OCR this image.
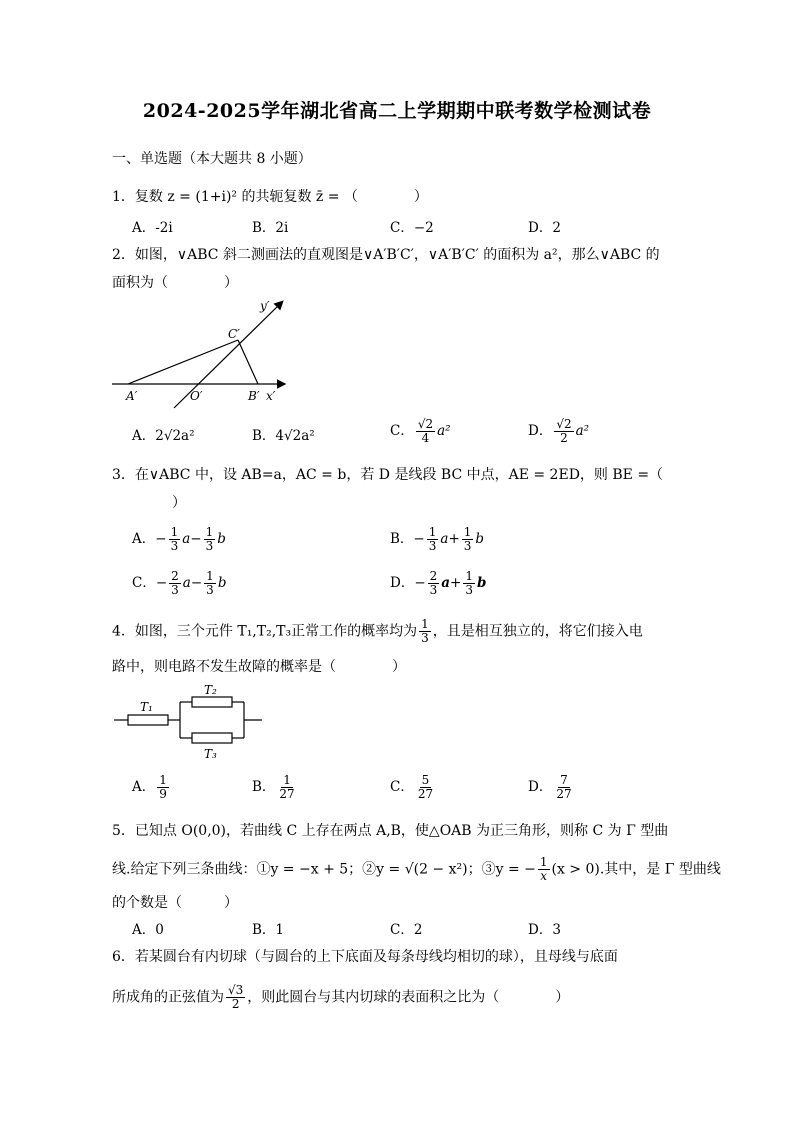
2024-2025学年湖北省高二上学期期中联考数学检测试卷
一、单选题（本大题共 8 小题）
1．复数 z = (1+i)² 的共轭复数 z̄ = （　　　　）
A．-2i	B．2i	C．−2	D．2
2．如图，∨ABC 斜二测画法的直观图是∨A′B′C′，∨A′B′C′ 的面积为 a²，那么∨ABC 的
面积为（　　　　）
y′
C′
A′	O′	B′ x′
A．2√2a²	B．4√2a²	C． $\frac{√2}{4} a^2$	D． $\frac{√2}{2} a^2$
3．在∨ABC 中，设 AB=a，AC = b，若 D 是线段 BC 中点，AE = 2ED，则 BE =（
）
A．− $\frac{1}{3} a- \frac{1}{3}$ b	B．− $\frac{1}{3} a+ \frac{1}{3}$ b
C．− $\frac{2}{3} a- \frac{1}{3}$ b	D．− $\frac{2}{3} a+ \frac{1}{3}$ b
4．如图，三个元件 T₁,T₂,T₃正常工作的概率均为 $\frac{1}{3}$ ，且是相互独立的，将它们接入电
路中，则电路不发生故障的概率是（　　　　）
T₁
T₂
T₃
A． $\frac{1}{9}$	B． $\frac{1}{27}$	C． $\frac{5}{27}$	D． $\frac{7}{27}$
5．已知点 O(0,0)，若曲线 C 上存在两点 A,B，使△OAB 为正三角形，则称 C 为 Γ 型曲
线.给定下列三条曲线：①y = −x + 5；②y = √(2 − x²)；③y = − $\frac{1}{x} (x > 0)$.其中，是 Γ 型曲线
的个数是（　　　）
A．0	B．1	C．2	D．3
6．若某圆台有内切球（与圆台的上下底面及每条母线均相切的球），且母线与底面
所成角的正弦值为 $\frac{√3}{2}$ ，则此圆台与其内切球的表面积之比为（　　　　）
